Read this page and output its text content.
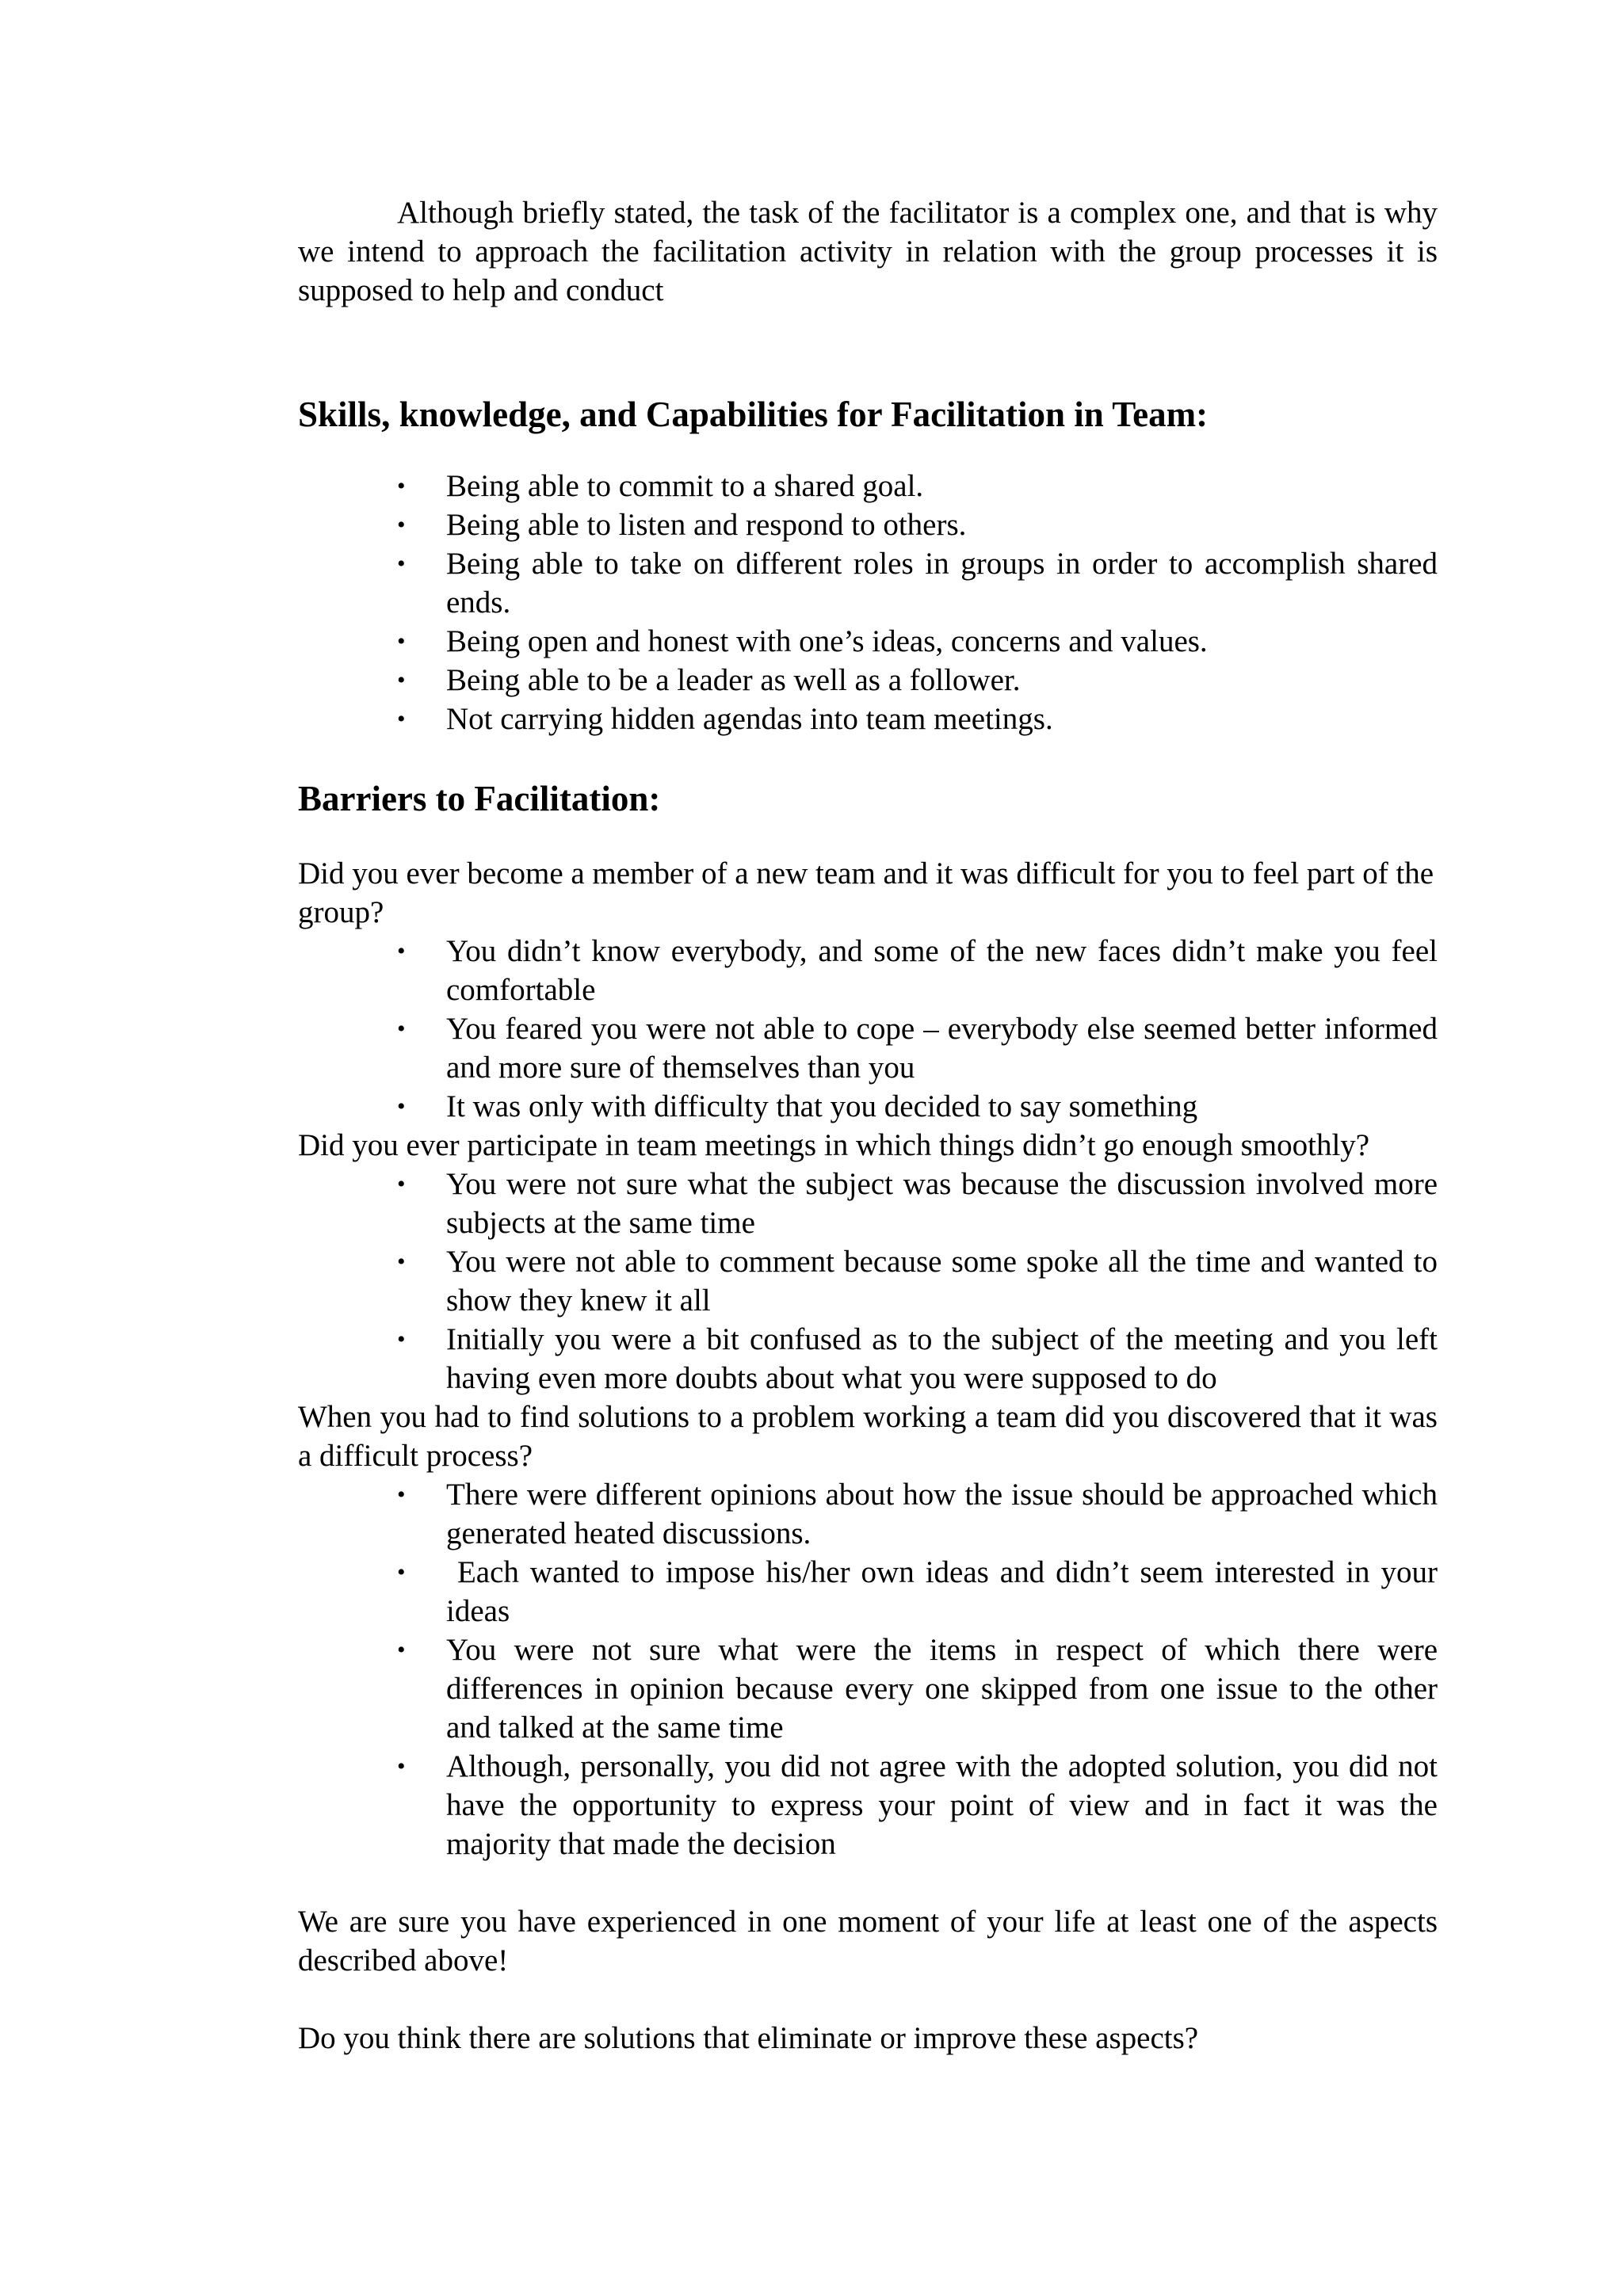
Although briefly stated, the task of the facilitator is a complex one, and that is why we intend to approach the facilitation activity in relation with the group processes it is supposed to help and conduct

Skills, knowledge, and Capabilities for Facilitation in Team:
• Being able to commit to a shared goal.
• Being able to listen and respond to others.
• Being able to take on different roles in groups in order to accomplish shared ends.
• Being open and honest with one’s ideas, concerns and values.
• Being able to be a leader as well as a follower.
• Not carrying hidden agendas into team meetings.
Barriers to Facilitation:

Did you ever become a member of a new team and it was difficult for you to feel part of the group?

• You didn’t know everybody, and some of the new faces didn’t make you feel comfortable
• You feared you were not able to cope – everybody else seemed better informed and more sure of themselves than you
• It was only with difficulty that you decided to say something

Did you ever participate in team meetings in which things didn’t go enough smoothly?

• You were not sure what the subject was because the discussion involved more subjects at the same time
• You were not able to comment because some spoke all the time and wanted to show they knew it all
• Initially you were a bit confused as to the subject of the meeting and you left having even more doubts about what you were supposed to do

When you had to find solutions to a problem working a team did you discovered that it was a difficult process?

• There were different opinions about how the issue should be approached which generated heated discussions.
• Each wanted to impose his/her own ideas and didn’t seem interested in your ideas
• You were not sure what were the items in respect of which there were differences in opinion because every one skipped from one issue to the other and talked at the same time
• Although, personally, you did not agree with the adopted solution, you did not have the opportunity to express your point of view and in fact it was the majority that made the decision

We are sure you have experienced in one moment of your life at least one of the aspects described above!

Do you think there are solutions that eliminate or improve these aspects?
